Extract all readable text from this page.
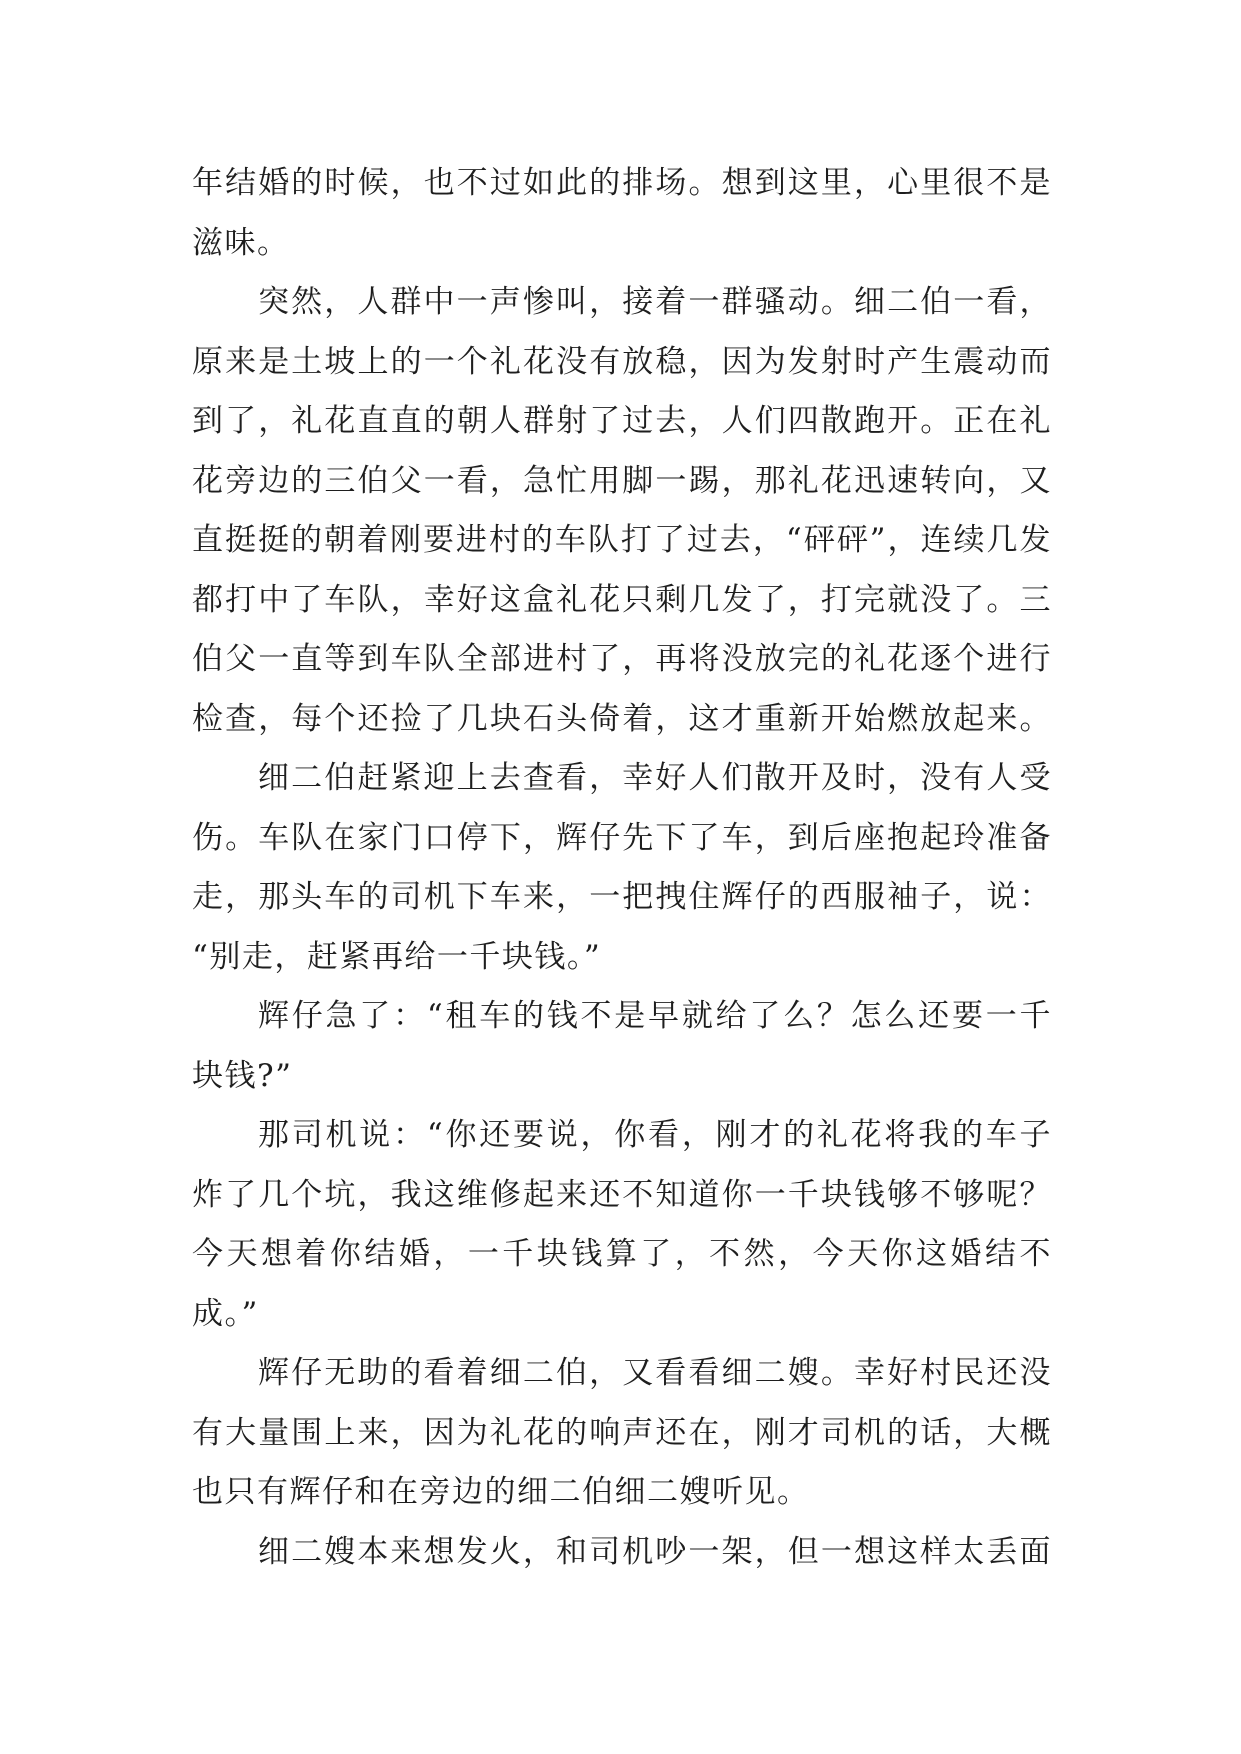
年结婚的时候，也不过如此的排场。想到这里，心里很不是
滋味。
突然，人群中一声惨叫，接着一群骚动。细二伯一看，
原来是土坡上的一个礼花没有放稳，因为发射时产生震动而
到了，礼花直直的朝人群射了过去，人们四散跑开。正在礼
花旁边的三伯父一看，急忙用脚一踢，那礼花迅速转向，又
直挺挺的朝着刚要进村的车队打了过去，“砰砰”，连续几发
都打中了车队，幸好这盒礼花只剩几发了，打完就没了。三
伯父一直等到车队全部进村了，再将没放完的礼花逐个进行
检查，每个还捡了几块石头倚着，这才重新开始燃放起来。
细二伯赶紧迎上去查看，幸好人们散开及时，没有人受
伤。车队在家门口停下，辉仔先下了车，到后座抱起玲准备
走，那头车的司机下车来，一把拽住辉仔的西服袖子，说：
“别走，赶紧再给一千块钱。”
辉仔急了：“租车的钱不是早就给了么？怎么还要一千
块钱?”
那司机说：“你还要说，你看，刚才的礼花将我的车子
炸了几个坑，我这维修起来还不知道你一千块钱够不够呢？
今天想着你结婚，一千块钱算了，不然，今天你这婚结不
成。”
辉仔无助的看着细二伯，又看看细二嫂。幸好村民还没
有大量围上来，因为礼花的响声还在，刚才司机的话，大概
也只有辉仔和在旁边的细二伯细二嫂听见。
细二嫂本来想发火，和司机吵一架，但一想这样太丢面
